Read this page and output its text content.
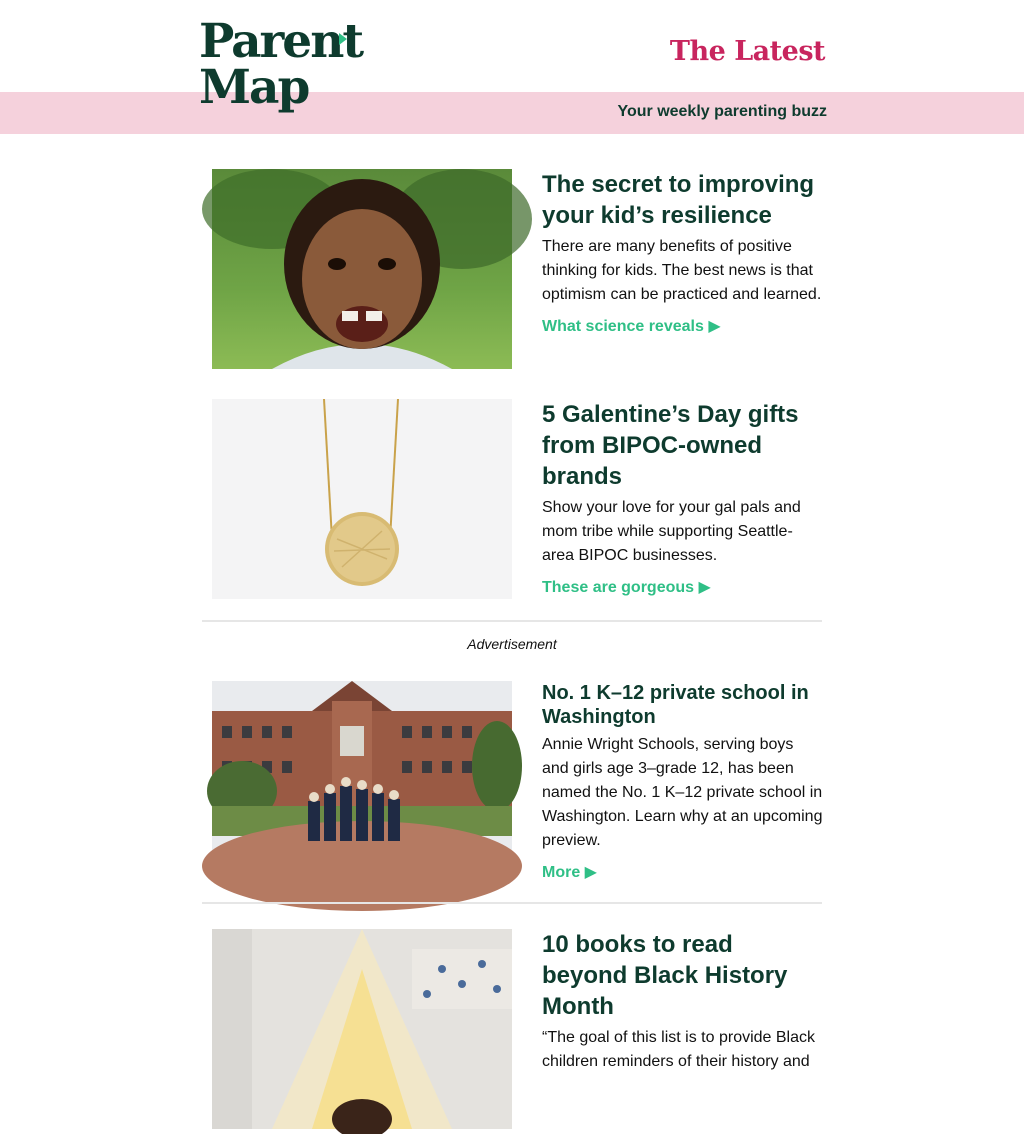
Parent
Map
The Latest
Your weekly parenting buzz
The secret to improving your kid’s resilience
There are many benefits of positive thinking for kids. The best news is that optimism can be practiced and learned.
What science reveals ▶
5 Galentine’s Day gifts from BIPOC-owned brands
Show your love for your gal pals and mom tribe while supporting Seattle-area BIPOC businesses.
These are gorgeous ▶
Advertisement
No. 1 K–12 private school in Washington
Annie Wright Schools, serving boys and girls age 3–grade 12, has been named the No. 1 K–12 private school in Washington. Learn why at an upcoming preview.
More ▶
10 books to read beyond Black History Month
“The goal of this list is to provide Black children reminders of their history and
